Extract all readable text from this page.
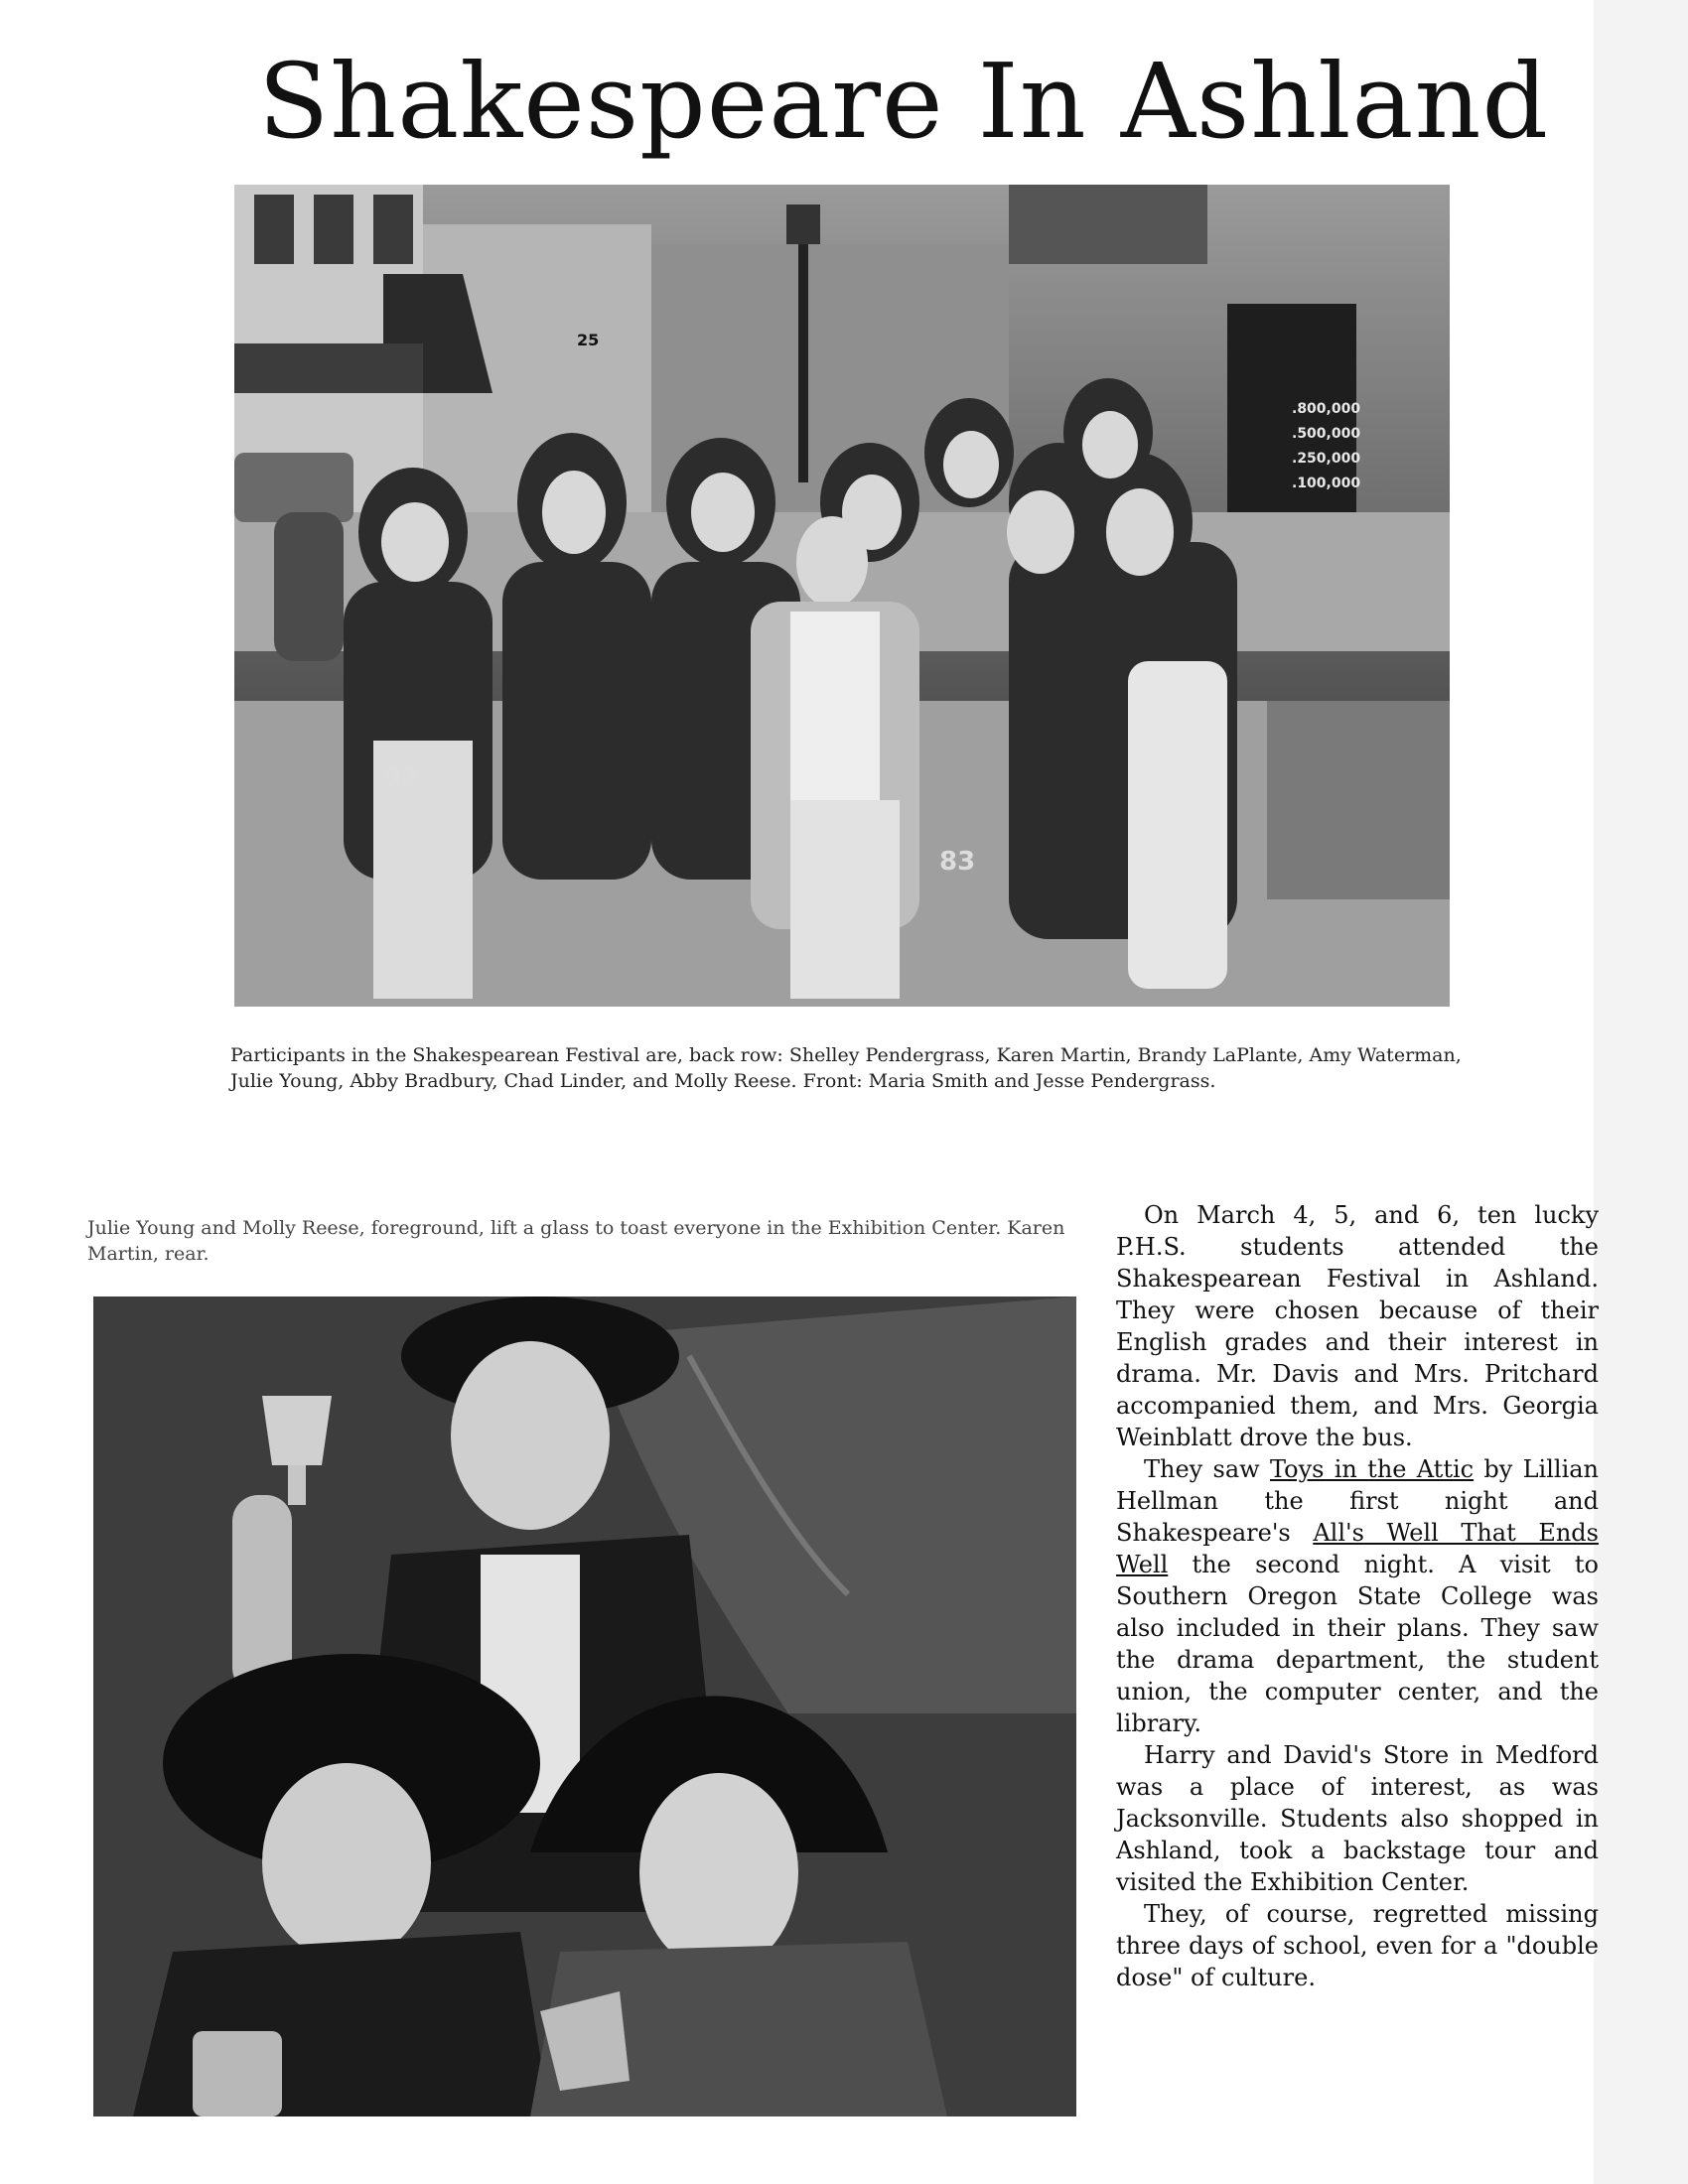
Shakespeare In Ashland
92
83
25
.800,000
.500,000
.250,000
.100,000

Participants in the Shakespearean Festival are, back row: Shelley Pendergrass, Karen Martin, Brandy LaPlante, Amy Waterman, Julie Young, Abby Bradbury, Chad Linder, and Molly Reese. Front: Maria Smith and Jesse Pendergrass.

Julie Young and Molly Reese, foreground, lift a glass to toast everyone in the Exhibition Center. Karen Martin, rear.

On March 4, 5, and 6, ten lucky P.H.S. students attended the Shakespearean Festival in Ashland. They were chosen because of their English grades and their interest in drama. Mr. Davis and Mrs. Pritchard accompanied them, and Mrs. Georgia Weinblatt drove the bus.

They saw Toys in the Attic by Lillian Hellman the first night and Shakespeare's All's Well That Ends Well the second night. A visit to Southern Oregon State College was also included in their plans. They saw the drama department, the student union, the computer center, and the library.

Harry and David's Store in Medford was a place of interest, as was Jacksonville. Students also shopped in Ashland, took a backstage tour and visited the Exhibition Center.

They, of course, regretted missing three days of school, even for a "double dose" of culture.
